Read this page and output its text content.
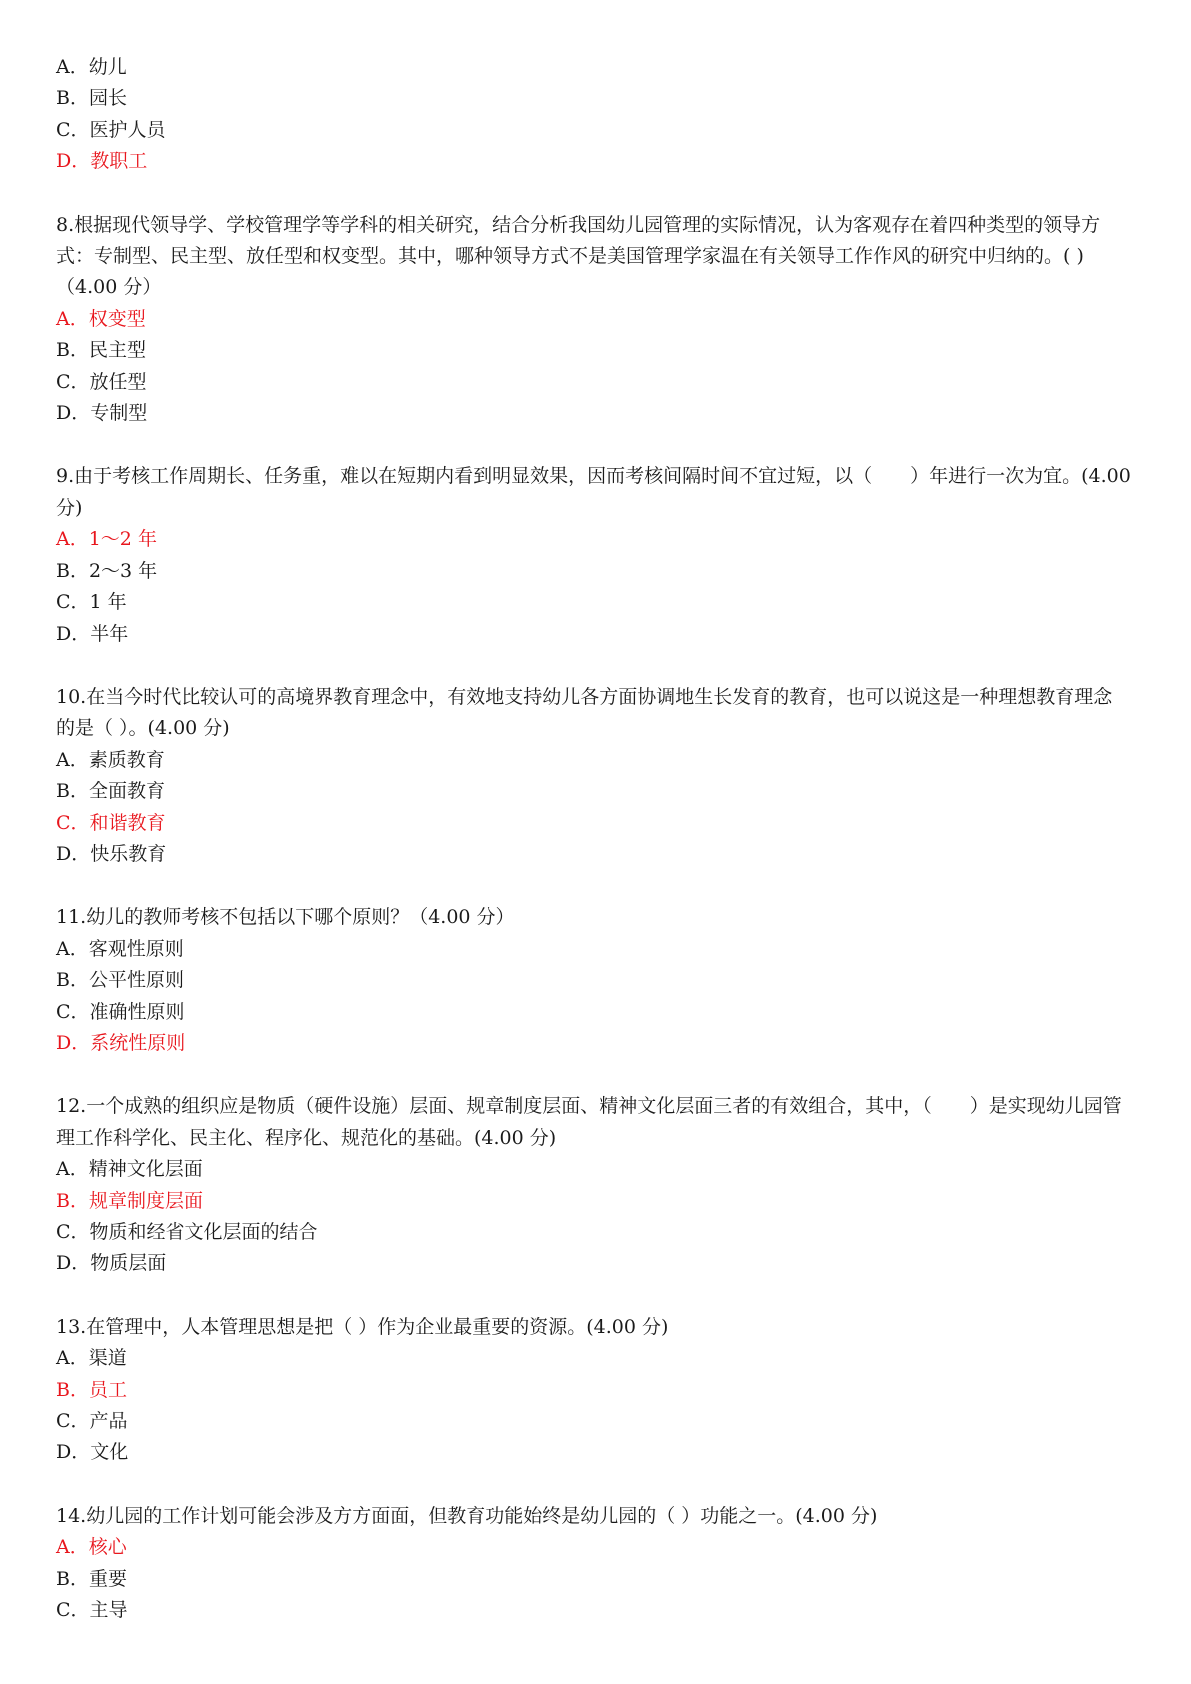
A．幼儿
B．园长
C．医护人员
D．教职工
8.根据现代领导学、学校管理学等学科的相关研究，结合分析我国幼儿园管理的实际情况，认为客观存在着四种类型的领导方式：专制型、民主型、放任型和权变型。其中，哪种领导方式不是美国管理学家温在有关领导工作作风的研究中归纳的。( )（4.00 分）
A．权变型
B．民主型
C．放任型
D．专制型
9.由于考核工作周期长、任务重，难以在短期内看到明显效果，因而考核间隔时间不宜过短，以（　　）年进行一次为宜。(4.00 分)
A．1～2 年
B．2～3 年
C．1 年
D．半年
10.在当今时代比较认可的高境界教育理念中，有效地支持幼儿各方面协调地生长发育的教育，也可以说这是一种理想教育理念的是（ ）。(4.00 分)
A．素质教育
B．全面教育
C．和谐教育
D．快乐教育
11.幼儿的教师考核不包括以下哪个原则？（4.00 分）
A．客观性原则
B．公平性原则
C．准确性原则
D．系统性原则
12.一个成熟的组织应是物质（硬件设施）层面、规章制度层面、精神文化层面三者的有效组合，其中，（　　）是实现幼儿园管理工作科学化、民主化、程序化、规范化的基础。(4.00 分)
A．精神文化层面
B．规章制度层面
C．物质和经省文化层面的结合
D．物质层面
13.在管理中，人本管理思想是把（ ）作为企业最重要的资源。(4.00 分)
A．渠道
B．员工
C．产品
D．文化
14.幼儿园的工作计划可能会涉及方方面面，但教育功能始终是幼儿园的（ ）功能之一。(4.00 分)
A．核心
B．重要
C．主导
